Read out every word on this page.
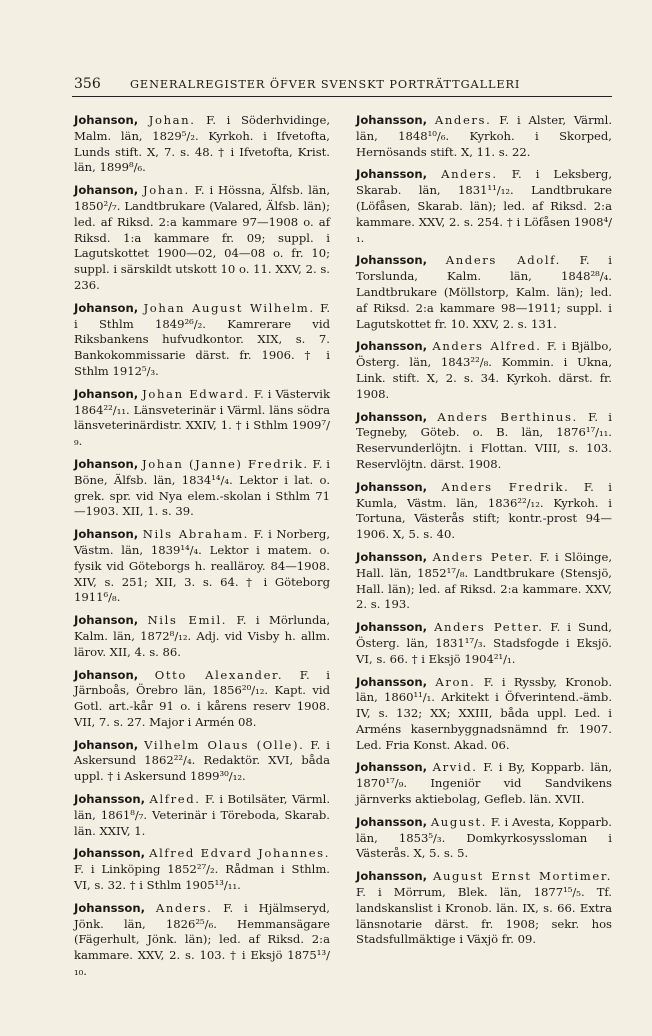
356	GENERALREGISTER ÖFVER SVENSKT PORTRÄTTGALLERI

Johanson, Johan. F. i Söderhvidinge, Malm. län, 1829⁵/₂. Kyrkoh. i Ifvetofta, Lunds stift. X, 7. s. 48. † i Ifvetofta, Krist. län, 1899⁸/₆.

Johanson, Johan. F. i Hössna, Älfsb. län, 1850²/₇. Landtbrukare (Valared, Älfsb. län); led. af Riksd. 2:a kammare 97—1908 o. af Riksd. 1:a kammare fr. 09; suppl. i Lagutskottet 1900—02, 04—08 o. fr. 10; suppl. i särskildt utskott 10 o. 11. XXV, 2. s. 236.

Johanson, Johan August Wilhelm. F. i Sthlm 1849²⁶/₂. Kamrerare vid Riksbankens hufvudkontor. XIX, s. 7. Bankokommissarie därst. fr. 1906. † i Sthlm 1912⁵/₃.

Johanson, Johan Edward. F. i Västervik 1864²²/₁₁. Länsveterinär i Värml. läns södra länsveterinärdistr. XXIV, 1. † i Sthlm 1909⁷/₉.

Johanson, Johan (Janne) Fredrik. F. i Böne, Älfsb. län, 1834¹⁴/₄. Lektor i lat. o. grek. spr. vid Nya elem.-skolan i Sthlm 71—1903. XII, 1. s. 39.

Johanson, Nils Abraham. F. i Norberg, Västm. län, 1839¹⁴/₄. Lektor i matem. o. fysik vid Göteborgs h. realläroy. 84—1908. XIV, s. 251; XII, 3. s. 64. † i Göteborg 1911⁶/₈.

Johanson, Nils Emil. F. i Mörlunda, Kalm. län, 1872⁸/₁₂. Adj. vid Visby h. allm. lärov. XII, 4. s. 86.

Johanson, Otto Alexander. F. i Järnboås, Örebro län, 1856²⁰/₁₂. Kapt. vid Gotl. art.-kår 91 o. i kårens reserv 1908. VII, 7. s. 27. Major i Armén 08.

Johanson, Vilhelm Olaus (Olle). F. i Askersund 1862²²/₄. Redaktör. XVI, båda uppl. † i Askersund 1899³⁰/₁₂.

Johansson, Alfred. F. i Botilsäter, Värml. län, 1861⁸/₇. Veterinär i Töreboda, Skarab. län. XXIV, 1.

Johansson, Alfred Edvard Johannes. F. i Linköping 1852²⁷/₂. Rådman i Sthlm. VI, s. 32. † i Sthlm 1905¹³/₁₁.

Johansson, Anders. F. i Hjälmseryd, Jönk. län, 1826²⁵/₆. Hemmansägare (Fägerhult, Jönk. län); led. af Riksd. 2:a kammare. XXV, 2. s. 103. † i Eksjö 1875¹³/₁₀.

Johansson, Anders. F. i Alster, Värml. län, 1848¹⁰/₆. Kyrkoh. i Skorped, Hernösands stift. X, 11. s. 22.

Johansson, Anders. F. i Leksberg, Skarab. län, 1831¹¹/₁₂. Landtbrukare (Löfåsen, Skarab. län); led. af Riksd. 2:a kammare. XXV, 2. s. 254. † i Löfåsen 1908⁴/₁.

Johansson, Anders Adolf. F. i Torslunda, Kalm. län, 1848²⁸/₄. Landtbrukare (Möllstorp, Kalm. län); led. af Riksd. 2:a kammare 98—1911; suppl. i Lagutskottet fr. 10. XXV, 2. s. 131.

Johansson, Anders Alfred. F. i Bjälbo, Österg. län, 1843²²/₈. Kommin. i Ukna, Link. stift. X, 2. s. 34. Kyrkoh. därst. fr. 1908.

Johansson, Anders Berthinus. F. i Tegneby, Göteb. o. B. län, 1876¹⁷/₁₁. Reservunderlöjtn. i Flottan. VIII, s. 103. Reservlöjtn. därst. 1908.

Johansson, Anders Fredrik. F. i Kumla, Västm. län, 1836²²/₁₂. Kyrkoh. i Tortuna, Västerås stift; kontr.-prost 94—1906. X, 5. s. 40.

Johansson, Anders Peter. F. i Slöinge, Hall. län, 1852¹⁷/₈. Landtbrukare (Stensjö, Hall. län); led. af Riksd. 2:a kammare. XXV, 2. s. 193.

Johansson, Anders Petter. F. i Sund, Österg. län, 1831¹⁷/₃. Stadsfogde i Eksjö. VI, s. 66. † i Eksjö 1904²¹/₁.

Johansson, Aron. F. i Ryssby, Kronob. län, 1860¹¹/₁. Arkitekt i Öfverintend.-ämb. IV, s. 132; XX; XXIII, båda uppl. Led. i Arméns kasernbyggnadsnämnd fr. 1907. Led. Fria Konst. Akad. 06.

Johansson, Arvid. F. i By, Kopparb. län, 1870¹⁷/₉. Ingeniör vid Sandvikens järnverks aktiebolag, Gefleb. län. XVII.

Johansson, August. F. i Avesta, Kopparb. län, 1853⁵/₃. Domkyrkosyssloman i Västerås. X, 5. s. 5.

Johansson, August Ernst Mortimer. F. i Mörrum, Blek. län, 1877¹⁵/₅. Tf. landskanslist i Kronob. län. IX, s. 66. Extra länsnotarie därst. fr. 1908; sekr. hos Stadsfullmäktige i Växjö fr. 09.
